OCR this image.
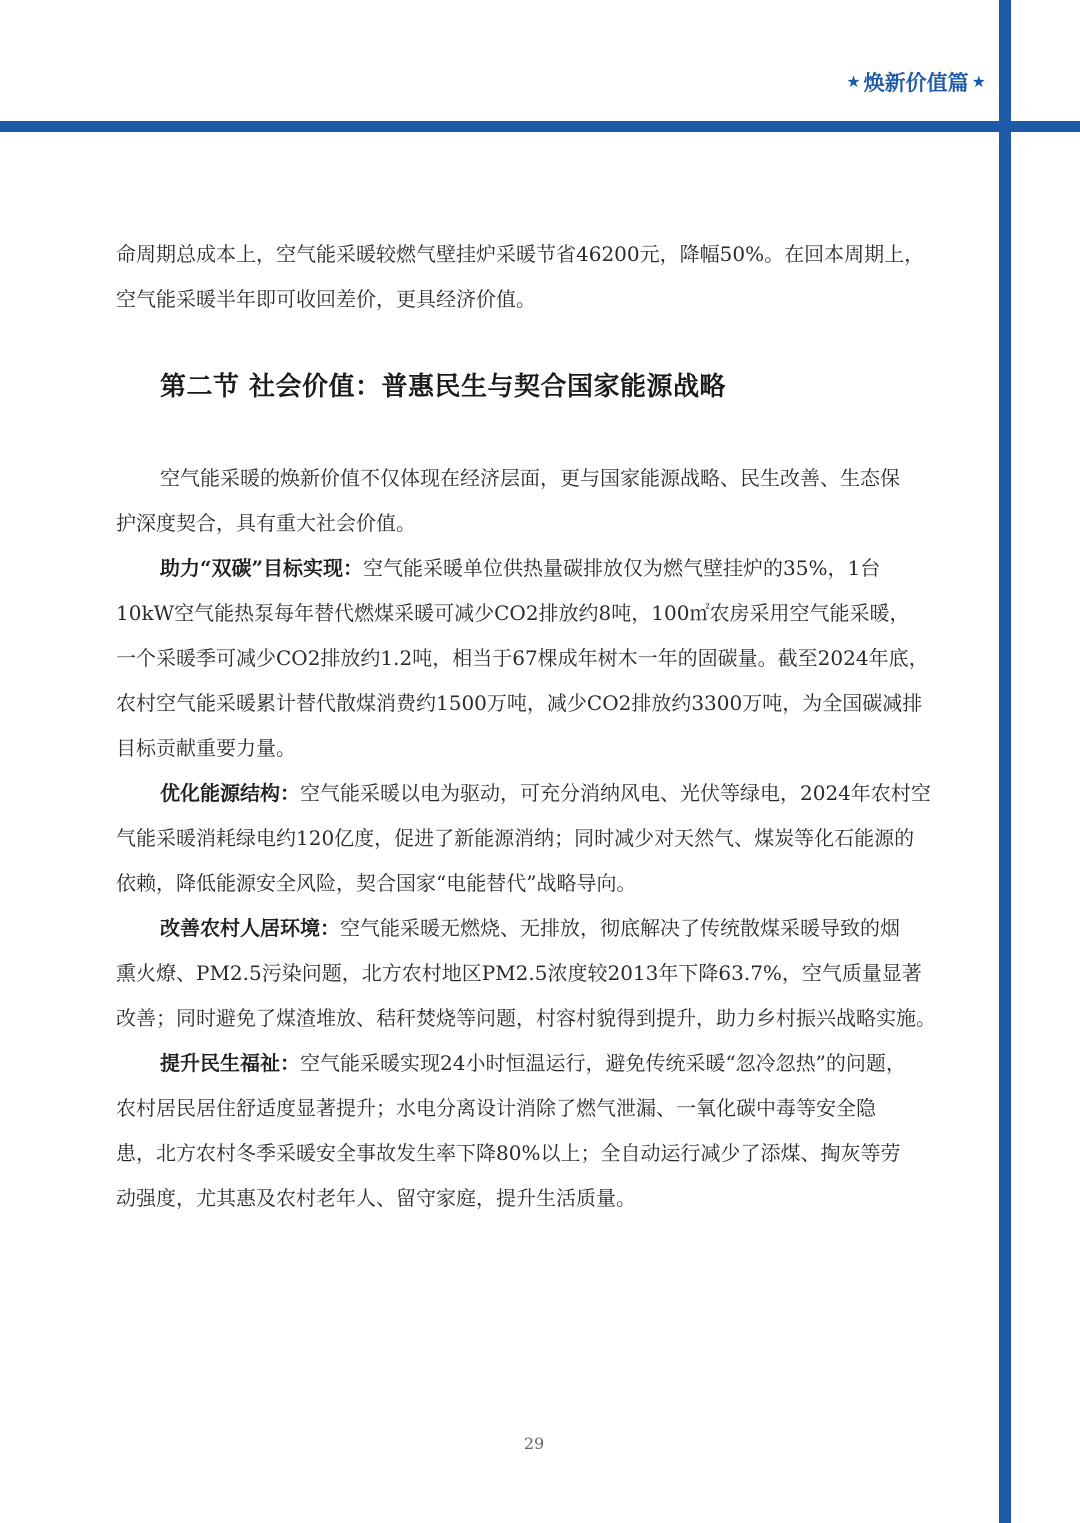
★ 焕新价值篇 ★

命周期总成本上，空气能采暖较燃气壁挂炉采暖节省46200元，降幅50%。在回本周期上，

空气能采暖半年即可收回差价，更具经济价值。

第二节 社会价值：普惠民生与契合国家能源战略

空气能采暖的焕新价值不仅体现在经济层面，更与国家能源战略、民生改善、生态保
护深度契合，具有重大社会价值。

助力“双碳”目标实现：空气能采暖单位供热量碳排放仅为燃气壁挂炉的35%，1台
10kW空气能热泵每年替代燃煤采暖可减少CO2排放约8吨，100㎡农房采用空气能采暖，
一个采暖季可减少CO2排放约1.2吨，相当于67棵成年树木一年的固碳量。截至2024年底，
农村空气能采暖累计替代散煤消费约1500万吨，减少CO2排放约3300万吨，为全国碳减排
目标贡献重要力量。

优化能源结构：空气能采暖以电为驱动，可充分消纳风电、光伏等绿电，2024年农村空
气能采暖消耗绿电约120亿度，促进了新能源消纳；同时减少对天然气、煤炭等化石能源的
依赖，降低能源安全风险，契合国家“电能替代”战略导向。

改善农村人居环境：空气能采暖无燃烧、无排放，彻底解决了传统散煤采暖导致的烟
熏火燎、PM2.5污染问题，北方农村地区PM2.5浓度较2013年下降63.7%，空气质量显著
改善；同时避免了煤渣堆放、秸秆焚烧等问题，村容村貌得到提升，助力乡村振兴战略实施。

提升民生福祉：空气能采暖实现24小时恒温运行，避免传统采暖“忽冷忽热”的问题，
农村居民居住舒适度显著提升；水电分离设计消除了燃气泄漏、一氧化碳中毒等安全隐
患，北方农村冬季采暖安全事故发生率下降80%以上；全自动运行减少了添煤、掏灰等劳
动强度，尤其惠及农村老年人、留守家庭，提升生活质量。

29
